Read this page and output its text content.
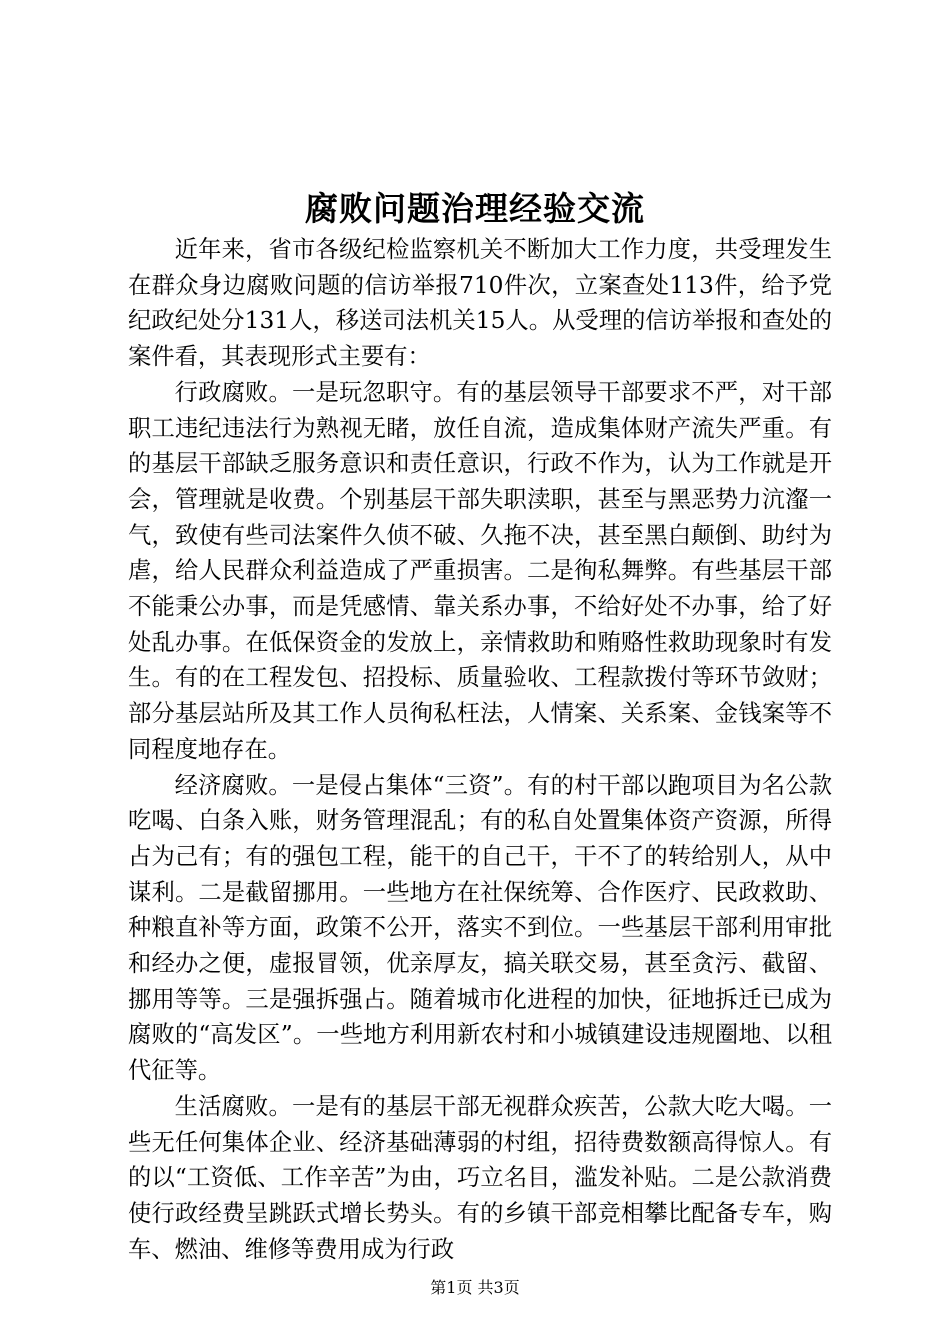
腐败问题治理经验交流

近年来，省市各级纪检监察机关不断加大工作力度，共受理发生在群众身边腐败问题的信访举报710件次，立案查处113件，给予党纪政纪处分131人，移送司法机关15人。从受理的信访举报和查处的案件看，其表现形式主要有：

行政腐败。一是玩忽职守。有的基层领导干部要求不严，对干部职工违纪违法行为熟视无睹，放任自流，造成集体财产流失严重。有的基层干部缺乏服务意识和责任意识，行政不作为，认为工作就是开会，管理就是收费。个别基层干部失职渎职，甚至与黑恶势力沆瀣一气，致使有些司法案件久侦不破、久拖不决，甚至黑白颠倒、助纣为虐，给人民群众利益造成了严重损害。二是徇私舞弊。有些基层干部不能秉公办事，而是凭感情、靠关系办事，不给好处不办事，给了好处乱办事。在低保资金的发放上，亲情救助和贿赂性救助现象时有发生。有的在工程发包、招投标、质量验收、工程款拨付等环节敛财；部分基层站所及其工作人员徇私枉法，人情案、关系案、金钱案等不同程度地存在。

经济腐败。一是侵占集体“三资”。有的村干部以跑项目为名公款吃喝、白条入账，财务管理混乱；有的私自处置集体资产资源，所得占为己有；有的强包工程，能干的自己干，干不了的转给别人，从中谋利。二是截留挪用。一些地方在社保统筹、合作医疗、民政救助、种粮直补等方面，政策不公开，落实不到位。一些基层干部利用审批和经办之便，虚报冒领，优亲厚友，搞关联交易，甚至贪污、截留、挪用等等。三是强拆强占。随着城市化进程的加快，征地拆迁已成为腐败的“高发区”。一些地方利用新农村和小城镇建设违规圈地、以租代征等。

生活腐败。一是有的基层干部无视群众疾苦，公款大吃大喝。一些无任何集体企业、经济基础薄弱的村组，招待费数额高得惊人。有的以“工资低、工作辛苦”为由，巧立名目，滥发补贴。二是公款消费使行政经费呈跳跃式增长势头。有的乡镇干部竞相攀比配备专车，购车、燃油、维修等费用成为行政

第1页 共3页
